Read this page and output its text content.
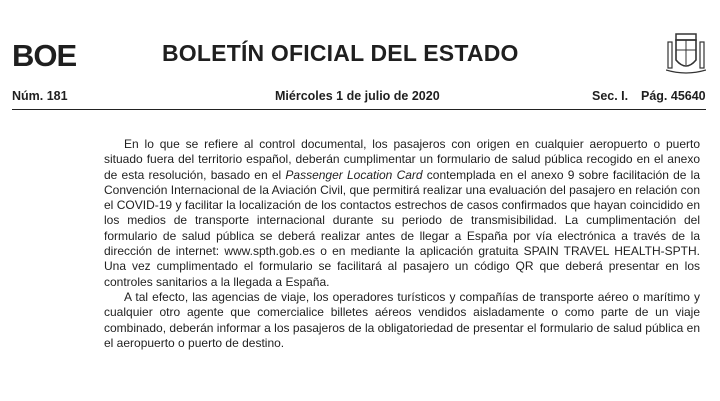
BOE	BOLETÍN OFICIAL DEL ESTADO
Núm. 181	Miércoles 1 de julio de 2020	Sec. I. Pág. 45640

En lo que se refiere al control documental, los pasajeros con origen en cualquier aeropuerto o puerto situado fuera del territorio español, deberán cumplimentar un formulario de salud pública recogido en el anexo de esta resolución, basado en el Passenger Location Card contemplada en el anexo 9 sobre facilitación de la Convención Internacional de la Aviación Civil, que permitirá realizar una evaluación del pasajero en relación con el COVID-19 y facilitar la localización de los contactos estrechos de casos confirmados que hayan coincidido en los medios de transporte internacional durante su periodo de transmisibilidad. La cumplimentación del formulario de salud pública se deberá realizar antes de llegar a España por vía electrónica a través de la dirección de internet: www.spth.gob.es o en mediante la aplicación gratuita SPAIN TRAVEL HEALTH-SPTH. Una vez cumplimentado el formulario se facilitará al pasajero un código QR que deberá presentar en los controles sanitarios a la llegada a España.

A tal efecto, las agencias de viaje, los operadores turísticos y compañías de transporte aéreo o marítimo y cualquier otro agente que comercialice billetes aéreos vendidos aisladamente o como parte de un viaje combinado, deberán informar a los pasajeros de la obligatoriedad de presentar el formulario de salud pública en el aeropuerto o puerto de destino.
